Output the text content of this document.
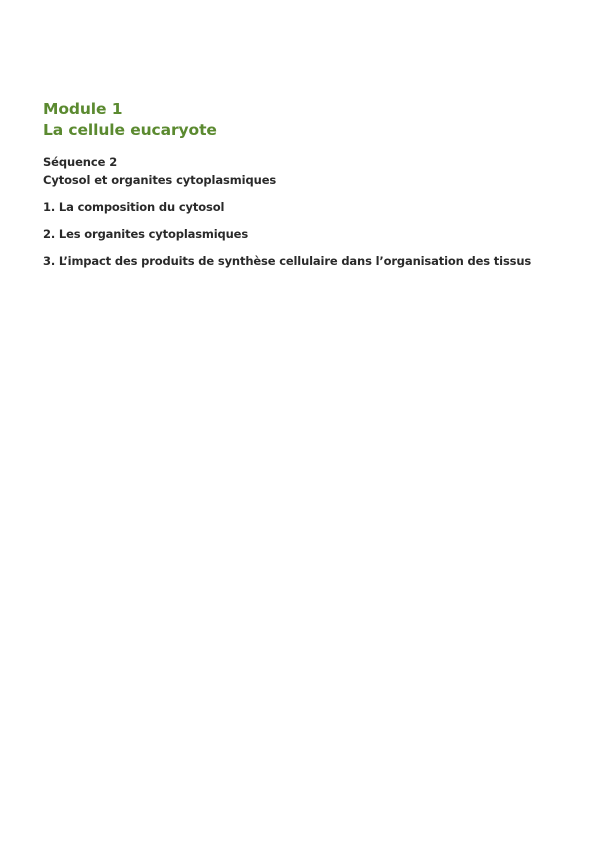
Module 1

La cellule eucaryote

Séquence 2

Cytosol et organites cytoplasmiques

1. La composition du cytosol
2. Les organites cytoplasmiques
3. L’impact des produits de synthèse cellulaire dans l’organisation des tissus
